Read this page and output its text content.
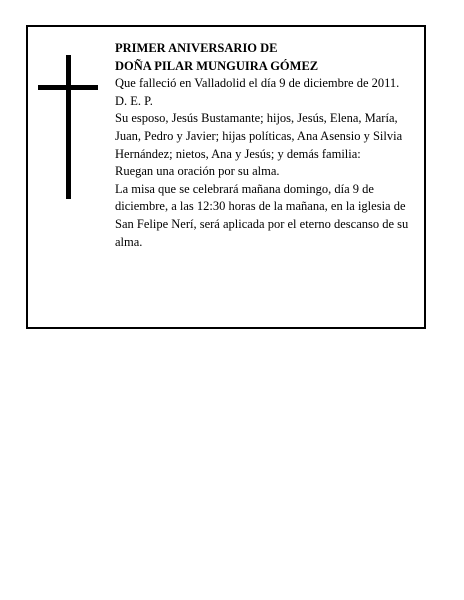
PRIMER ANIVERSARIO DE

DOÑA PILAR MUNGUIRA GÓMEZ

Que falleció en Valladolid el día 9 de diciembre de 2011.

D. E. P.

Su esposo, Jesús Bustamante; hijos, Jesús, Elena, María, Juan, Pedro y Javier; hijas políticas, Ana Asensio y Silvia Hernández; nietos, Ana y Jesús; y demás familia:

Ruegan una oración por su alma.

La misa que se celebrará mañana domingo, día 9 de diciembre, a las 12:30 horas de la mañana, en la iglesia de San Felipe Nerí, será aplicada por el eterno descanso de su alma.
